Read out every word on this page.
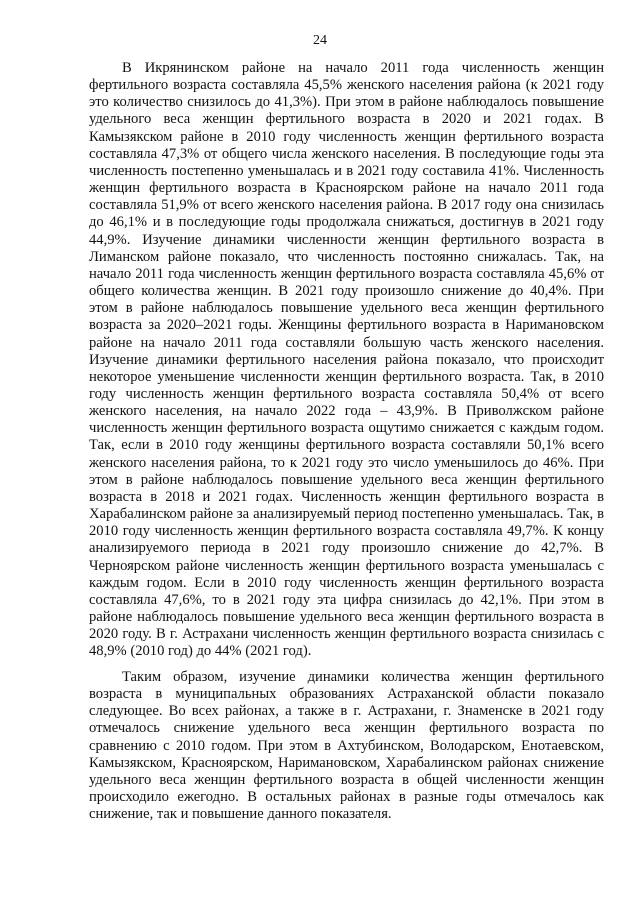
24

В Икрянинском районе на начало 2011 года численность женщин фертильного возраста составляла 45,5% женского населения района (к 2021 году это количество снизилось до 41,3%). При этом в районе наблюдалось повышение удельного веса женщин фертильного возраста в 2020 и 2021 годах. В Камызякском районе в 2010 году численность женщин фертильного возраста составляла 47,3% от общего числа женского населения. В последующие годы эта численность постепенно уменьшалась и в 2021 году составила 41%. Численность женщин фертильного возраста в Красноярском районе на начало 2011 года составляла 51,9% от всего женского населения района. В 2017 году она снизилась до 46,1% и в последующие годы продолжала снижаться, достигнув в 2021 году 44,9%. Изучение динамики численности женщин фертильного возраста в Лиманском районе показало, что численность постоянно снижалась. Так, на начало 2011 года численность женщин фертильного возраста составляла 45,6% от общего количества женщин. В 2021 году произошло снижение до 40,4%. При этом в районе наблюдалось повышение удельного веса женщин фертильного возраста за 2020–2021 годы. Женщины фертильного возраста в Наримановском районе на начало 2011 года составляли большую часть женского населения. Изучение динамики фертильного населения района показало, что происходит некоторое уменьшение численности женщин фертильного возраста. Так, в 2010 году численность женщин фертильного возраста составляла 50,4% от всего женского населения, на начало 2022 года – 43,9%. В Приволжском районе численность женщин фертильного возраста ощутимо снижается с каждым годом. Так, если в 2010 году женщины фертильного возраста составляли 50,1% всего женского населения района, то к 2021 году это число уменьшилось до 46%. При этом в районе наблюдалось повышение удельного веса женщин фертильного возраста в 2018 и 2021 годах. Численность женщин фертильного возраста в Харабалинском районе за анализируемый период постепенно уменьшалась. Так, в 2010 году численность женщин фертильного возраста составляла 49,7%. К концу анализируемого периода в 2021 году произошло снижение до 42,7%. В Черноярском районе численность женщин фертильного возраста уменьшалась с каждым годом. Если в 2010 году численность женщин фертильного возраста составляла 47,6%, то в 2021 году эта цифра снизилась до 42,1%. При этом в районе наблюдалось повышение удельного веса женщин фертильного возраста в 2020 году. В г. Астрахани численность женщин фертильного возраста снизилась с 48,9% (2010 год) до 44% (2021 год).

Таким образом, изучение динамики количества женщин фертильного возраста в муниципальных образованиях Астраханской области показало следующее. Во всех районах, а также в г. Астрахани, г. Знаменске в 2021 году отмечалось снижение удельного веса женщин фертильного возраста по сравнению с 2010 годом. При этом в Ахтубинском, Володарском, Енотаевском, Камызякском, Красноярском, Наримановском, Харабалинском районах снижение удельного веса женщин фертильного возраста в общей численности женщин происходило ежегодно. В остальных районах в разные годы отмечалось как снижение, так и повышение данного показателя.
